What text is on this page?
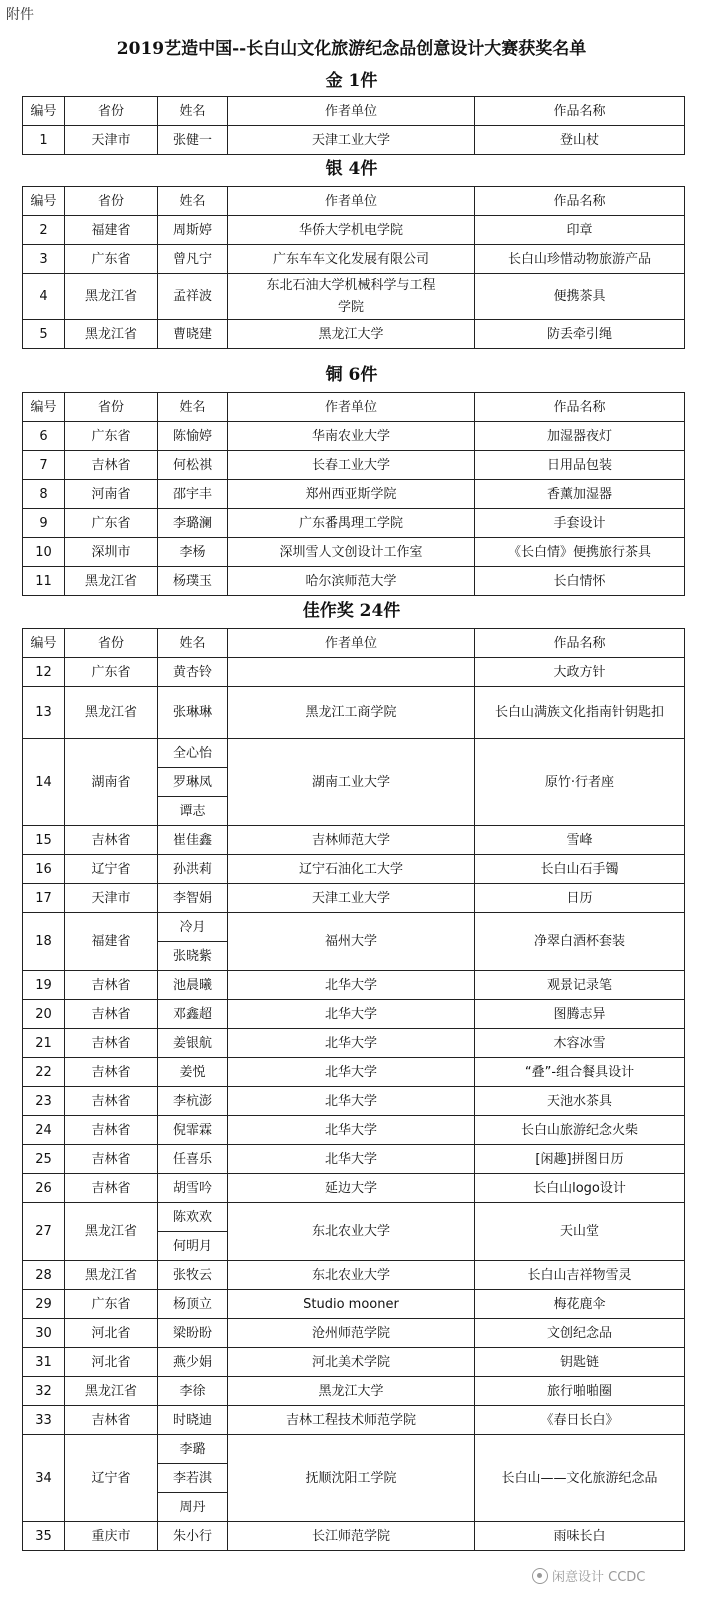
附件
2019艺造中国--长白山文化旅游纪念品创意设计大赛获奖名单
金 1件
编号	省份	姓名	作者单位	作品名称
1	天津市	张健一	天津工业大学	登山杖
银 4件
编号	省份	姓名	作者单位	作品名称
2	福建省	周斯婷	华侨大学机电学院	印章
3	广东省	曾凡宁	广东车车文化发展有限公司	长白山珍惜动物旅游产品
4	黑龙江省	孟祥波	东北石油大学机械科学与工程学院	便携茶具
5	黑龙江省	曹晓建	黑龙江大学	防丢牵引绳
铜 6件
编号	省份	姓名	作者单位	作品名称
6	广东省	陈愉婷	华南农业大学	加湿器夜灯
7	吉林省	何松祺	长春工业大学	日用品包装
8	河南省	邵宇丰	郑州西亚斯学院	香薰加湿器
9	广东省	李璐澜	广东番禺理工学院	手套设计
10	深圳市	李杨	深圳雪人文创设计工作室	《长白情》便携旅行茶具
11	黑龙江省	杨璞玉	哈尔滨师范大学	长白情怀
佳作奖 24件
编号	省份	姓名	作者单位	作品名称
12	广东省	黄杏铃		大政方针
13	黑龙江省	张琳琳	黑龙江工商学院	长白山满族文化指南针钥匙扣
14	湖南省	全心怡	湖南工业大学	原竹·行者座
		罗琳凤		
		谭志		
15	吉林省	崔佳鑫	吉林师范大学	雪峰
16	辽宁省	孙洪莉	辽宁石油化工大学	长白山石手镯
17	天津市	李智娟	天津工业大学	日历
18	福建省	冷月	福州大学	净翠白酒杯套装
		张晓紫		
19	吉林省	池晨曦	北华大学	观景记录笔
20	吉林省	邓鑫超	北华大学	图腾志异
21	吉林省	姜银航	北华大学	木容冰雪
22	吉林省	姜悦	北华大学	“叠”-组合餐具设计
23	吉林省	李杭澎	北华大学	天池水茶具
24	吉林省	倪霏霖	北华大学	长白山旅游纪念火柴
25	吉林省	任喜乐	北华大学	[闲趣]拼图日历
26	吉林省	胡雪吟	延边大学	长白山logo设计
27	黑龙江省	陈欢欢	东北农业大学	天山堂
		何明月		
28	黑龙江省	张牧云	东北农业大学	长白山吉祥物雪灵
29	广东省	杨顶立	Studio mooner	梅花鹿伞
30	河北省	梁盼盼	沧州师范学院	文创纪念品
31	河北省	燕少娟	河北美术学院	钥匙链
32	黑龙江省	李徐	黑龙江大学	旅行啪啪圈
33	吉林省	时晓迪	吉林工程技术师范学院	《春日长白》
34	辽宁省	李璐	抚顺沈阳工学院	长白山——文化旅游纪念品
		李若淇		
		周丹		
35	重庆市	朱小行	长江师范学院	雨味长白
闲意设计 CCDC
